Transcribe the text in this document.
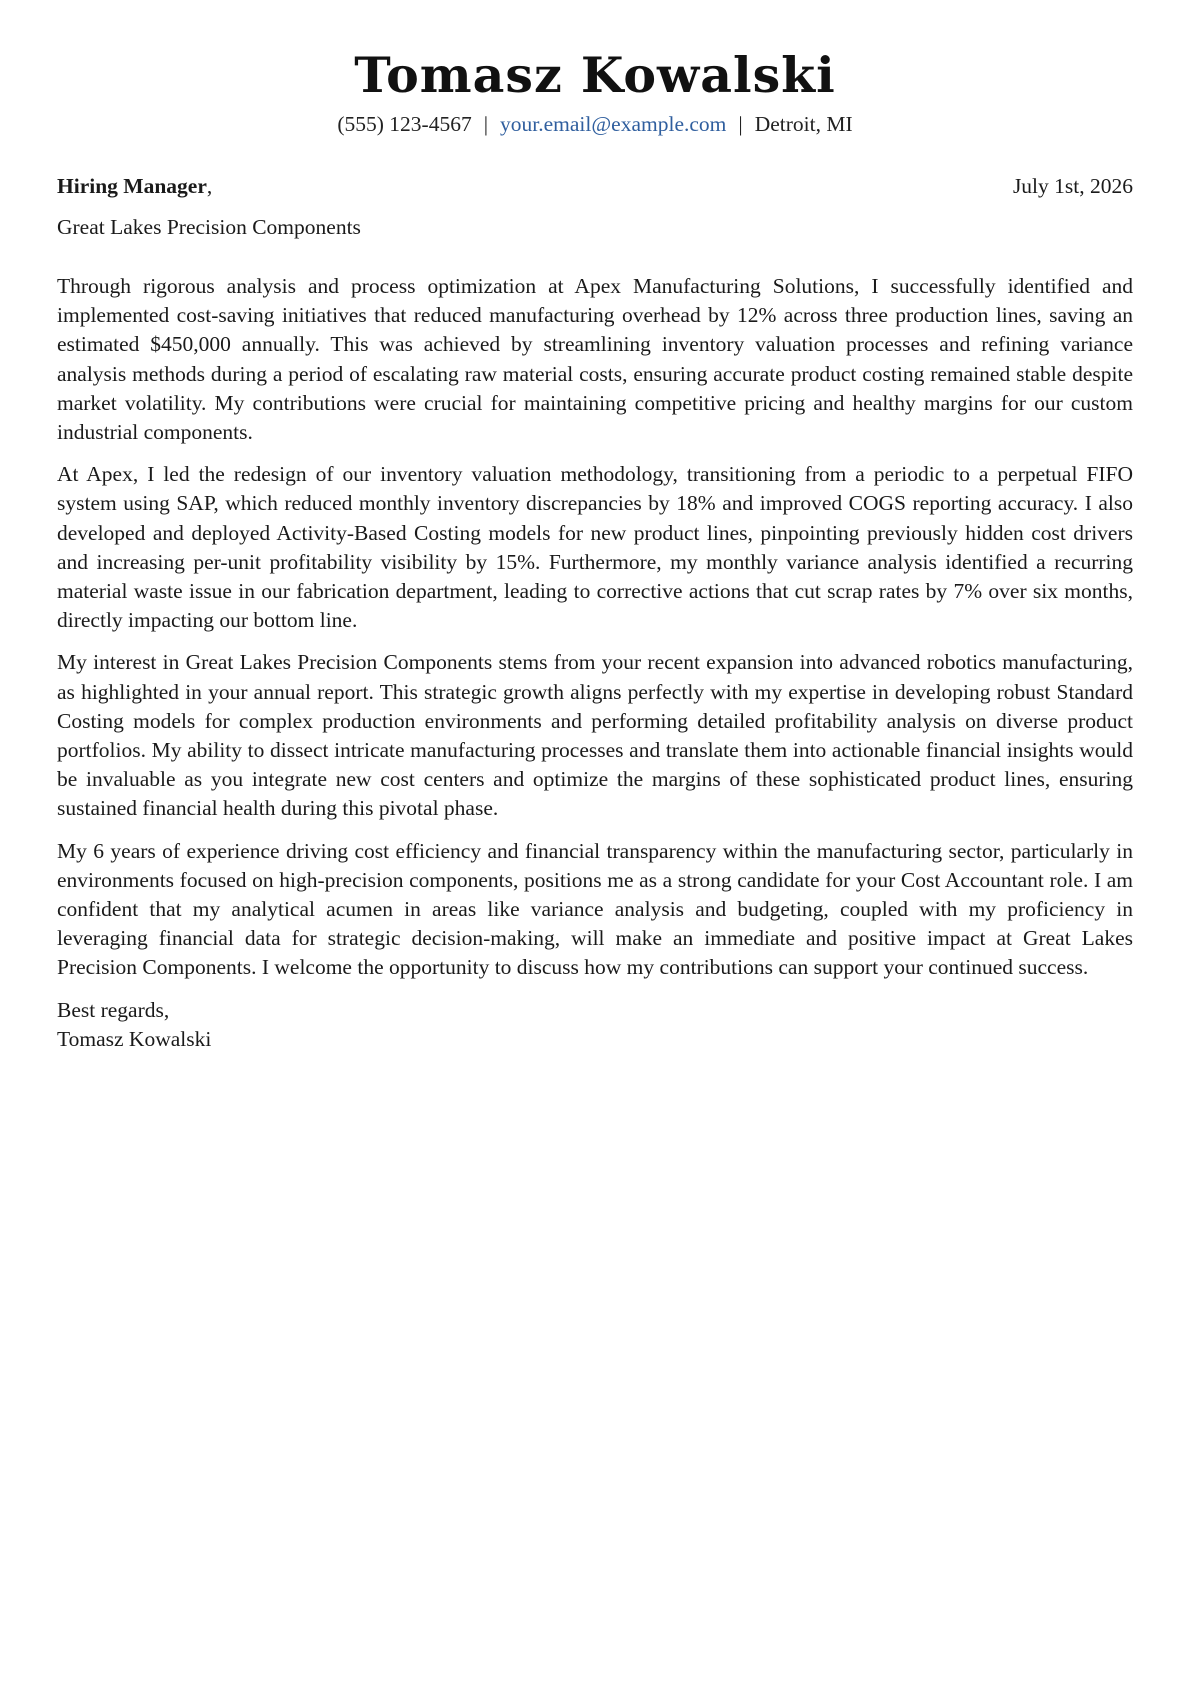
Tomasz Kowalski
(555) 123-4567 | your.email@example.com | Detroit, MI
Hiring Manager,	July 1st, 2026
Great Lakes Precision Components

Through rigorous analysis and process optimization at Apex Manufacturing Solutions, I successfully identified and implemented cost-saving initiatives that reduced manufacturing overhead by 12% across three production lines, saving an estimated $450,000 annually. This was achieved by streamlining inventory valuation processes and refining variance analysis methods during a period of escalating raw material costs, ensuring accurate product costing remained stable despite market volatility. My contributions were crucial for maintaining competitive pricing and healthy margins for our custom industrial components.

At Apex, I led the redesign of our inventory valuation methodology, transitioning from a periodic to a perpetual FIFO system using SAP, which reduced monthly inventory discrepancies by 18% and improved COGS reporting accuracy. I also developed and deployed Activity-Based Costing models for new product lines, pinpointing previously hidden cost drivers and increasing per-unit profitability visibility by 15%. Furthermore, my monthly variance analysis identified a recurring material waste issue in our fabrication department, leading to corrective actions that cut scrap rates by 7% over six months, directly impacting our bottom line.

My interest in Great Lakes Precision Components stems from your recent expansion into advanced robotics manufacturing, as highlighted in your annual report. This strategic growth aligns perfectly with my expertise in developing robust Standard Costing models for complex production environments and performing detailed profitability analysis on diverse product portfolios. My ability to dissect intricate manufacturing processes and translate them into actionable financial insights would be invaluable as you integrate new cost centers and optimize the margins of these sophisticated product lines, ensuring sustained financial health during this pivotal phase.

My 6 years of experience driving cost efficiency and financial transparency within the manufacturing sector, particularly in environments focused on high-precision components, positions me as a strong candidate for your Cost Accountant role. I am confident that my analytical acumen in areas like variance analysis and budgeting, coupled with my proficiency in leveraging financial data for strategic decision-making, will make an immediate and positive impact at Great Lakes Precision Components. I welcome the opportunity to discuss how my contributions can support your continued success.

Best regards,
Tomasz Kowalski
